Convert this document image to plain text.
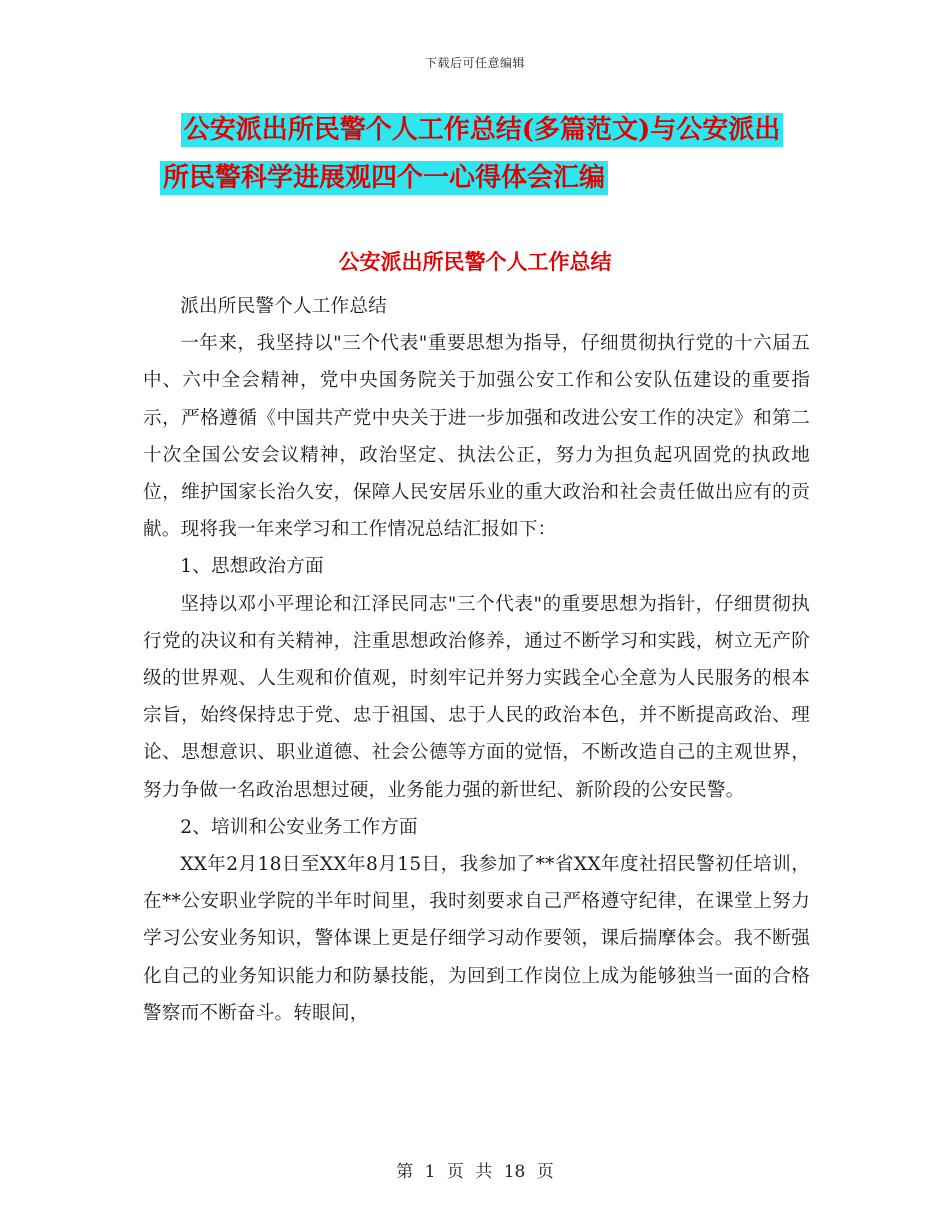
下载后可任意编辑
公安派出所民警个人工作总结(多篇范文)与公安派出
所民警科学进展观四个一心得体会汇编
公安派出所民警个人工作总结

派出所民警个人工作总结

一年来，我坚持以"三个代表"重要思想为指导，仔细贯彻执行党的十六届五中、六中全会精神，党中央国务院关于加强公安工作和公安队伍建设的重要指示，严格遵循《中国共产党中央关于进一步加强和改进公安工作的决定》和第二十次全国公安会议精神，政治坚定、执法公正，努力为担负起巩固党的执政地位，维护国家长治久安，保障人民安居乐业的重大政治和社会责任做出应有的贡献。现将我一年来学习和工作情况总结汇报如下：

1、思想政治方面

坚持以邓小平理论和江泽民同志"三个代表"的重要思想为指针，仔细贯彻执行党的决议和有关精神，注重思想政治修养，通过不断学习和实践，树立无产阶级的世界观、人生观和价值观，时刻牢记并努力实践全心全意为人民服务的根本宗旨，始终保持忠于党、忠于祖国、忠于人民的政治本色，并不断提高政治、理论、思想意识、职业道德、社会公德等方面的觉悟，不断改造自己的主观世界，努力争做一名政治思想过硬，业务能力强的新世纪、新阶段的公安民警。

2、培训和公安业务工作方面

XX年2月18日至XX年8月15日，我参加了**省XX年度社招民警初任培训，在**公安职业学院的半年时间里，我时刻要求自己严格遵守纪律，在课堂上努力学习公安业务知识，警体课上更是仔细学习动作要领，课后揣摩体会。我不断强化自己的业务知识能力和防暴技能，为回到工作岗位上成为能够独当一面的合格警察而不断奋斗。转眼间，

第 1 页 共 18 页
